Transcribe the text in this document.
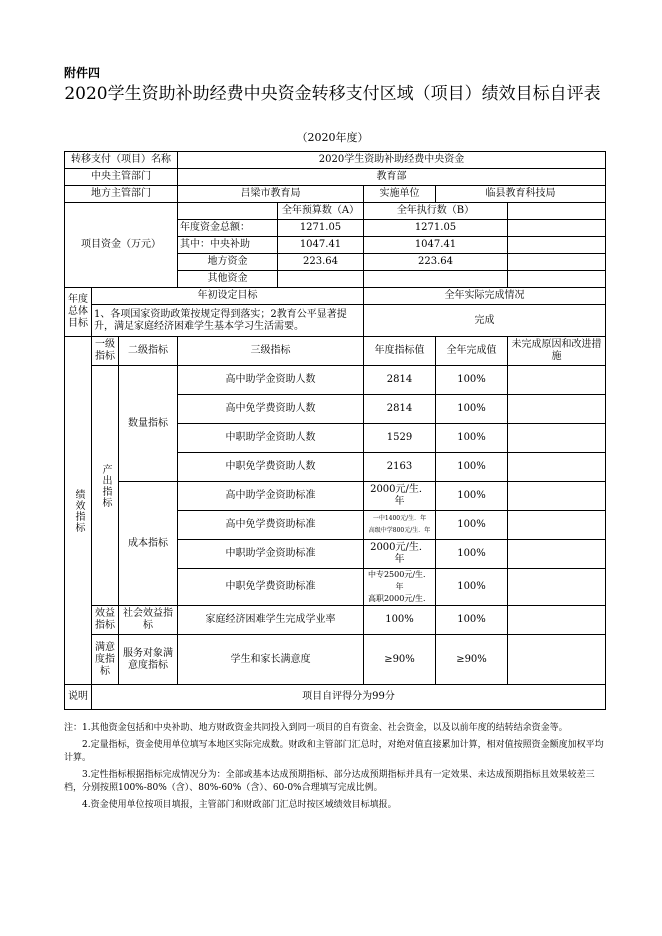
附件四
2020学生资助补助经费中央资金转移支付区域（项目）绩效目标自评表
（2020年度）
转移支付（项目）名称			2020学生资助补助经费中央资金				
中央主管部门			教育部				
地方主管部门			吕梁市教育局		实施单位	临县教育科技局	
项目资金（万元）				全年预算数（A）	全年执行数（B）		
			年度资金总额：	1271.05	1271.05		
			其中：中央补助	1047.41	1047.41		
			地方资金	223.64	223.64		
			其他资金				
年度总体目标	年初设定目标				全年实际完成情况		
	1、各项国家资助政策按规定得到落实；2教育公平显著提升，满足家庭经济困难学生基本学习生活需要。				完成		
绩效指标	一级指标	二级指标	三级指标		年度指标值	全年完成值	未完成原因和改进措施
	产出指标	数量指标	高中助学金资助人数		2814	100%	
			高中免学费资助人数		2814	100%	
			中职助学金资助人数		1529	100%	
			中职免学费资助人数		2163	100%	
		成本指标	高中助学金资助标准		2000元/生．年	100%	
			高中免学费资助标准		一中1400元/生．年
高级中学800元/生．年	100%	
			中职助学金资助标准		2000元/生．年	100%	
			中职免学费资助标准		中专2500元/生．年
高职2000元/生．	100%	
	效益指标	社会效益指标	家庭经济困难学生完成学业率		100%	100%	
	满意度指标	服务对象满意度指标	学生和家长满意度		≥90%	≥90%	
说明	项目自评得分为99分						

注：1.其他资金包括和中央补助、地方财政资金共同投入到同一项目的自有资金、社会资金，以及以前年度的结转结余资金等。

2.定量指标，资金使用单位填写本地区实际完成数。财政和主管部门汇总时，对绝对值直接累加计算，相对值按照资金额度加权平均计算。

3.定性指标根据指标完成情况分为：全部或基本达成预期指标、部分达成预期指标并具有一定效果、未达成预期指标且效果较差三档，分别按照100%-80%（含）、80%-60%（含）、60-0%合理填写完成比例。

4.资金使用单位按项目填报，主管部门和财政部门汇总时按区域绩效目标填报。
